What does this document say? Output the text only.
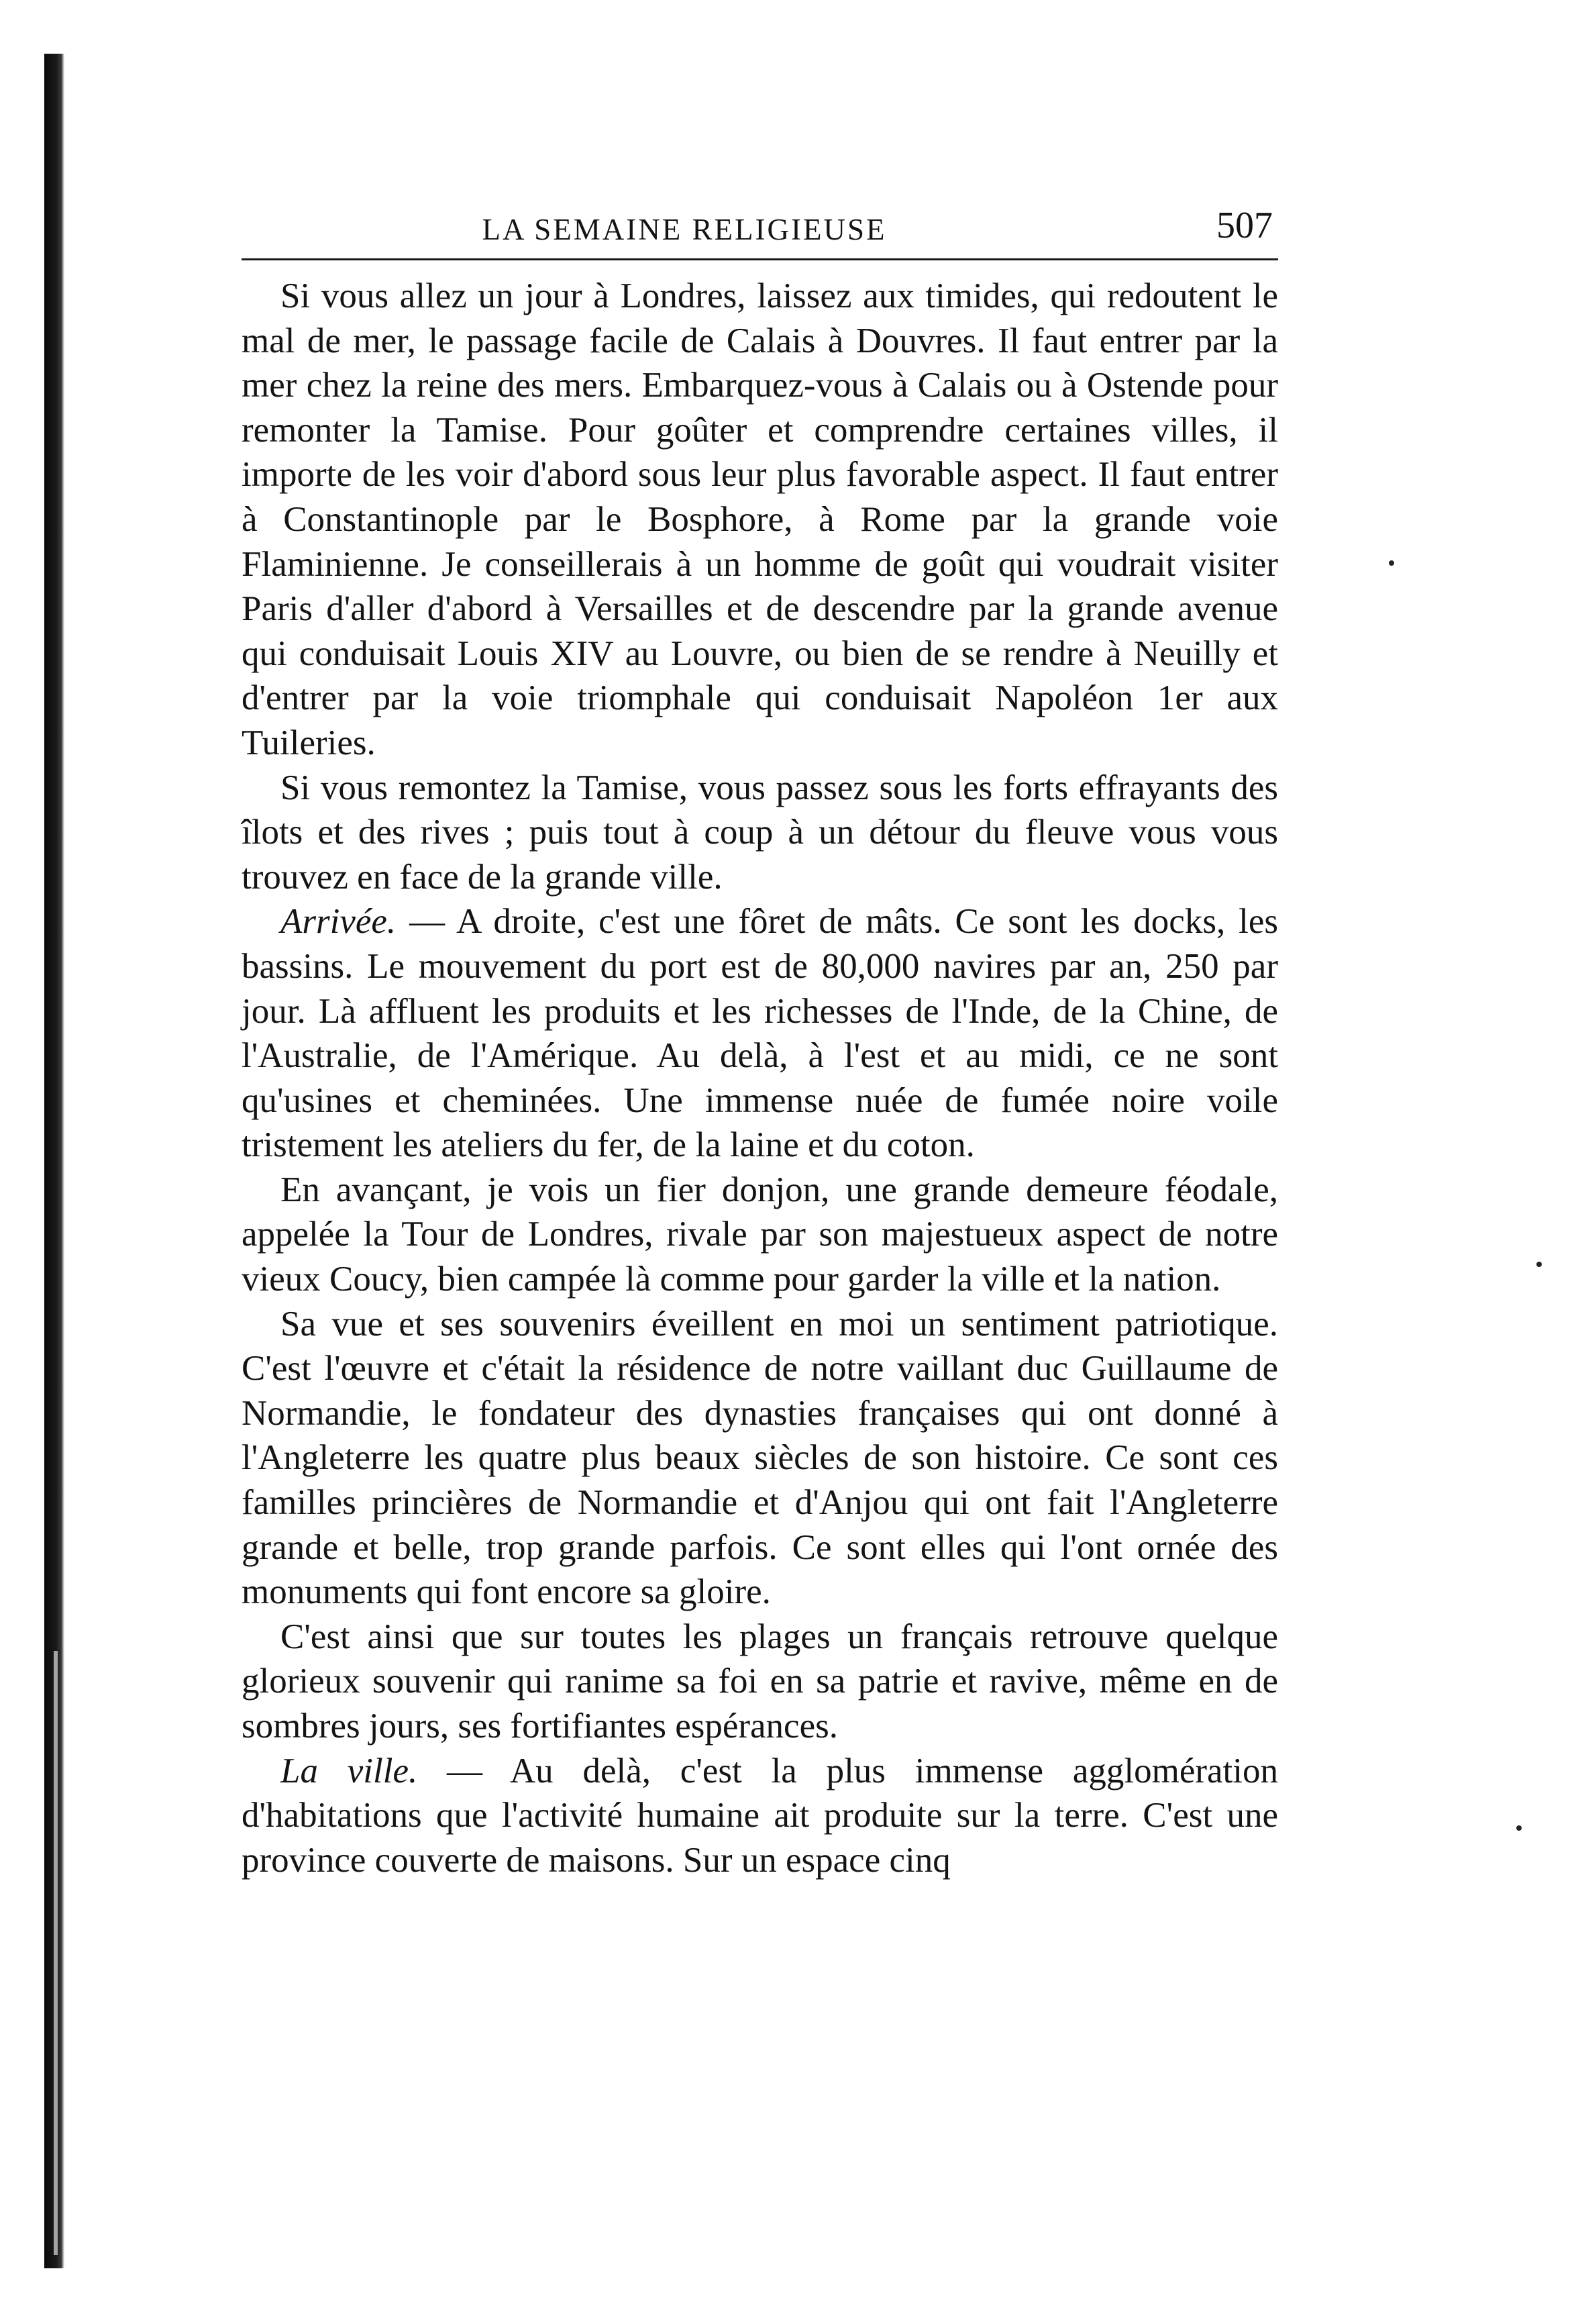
LA SEMAINE RELIGIEUSE	507

Si vous allez un jour à Londres, laissez aux timides, qui redoutent le mal de mer, le passage facile de Calais à Douvres. Il faut entrer par la mer chez la reine des mers. Embarquez-vous à Calais ou à Ostende pour remonter la Tamise. Pour goûter et comprendre certaines villes, il importe de les voir d'abord sous leur plus favorable aspect. Il faut entrer à Constantinople par le Bosphore, à Rome par la grande voie Flaminienne. Je conseillerais à un homme de goût qui voudrait visiter Paris d'aller d'abord à Versailles et de descendre par la grande avenue qui conduisait Louis XIV au Louvre, ou bien de se rendre à Neuilly et d'entrer par la voie triomphale qui conduisait Napoléon 1er aux Tuileries.

Si vous remontez la Tamise, vous passez sous les forts effrayants des îlots et des rives ; puis tout à coup à un détour du fleuve vous vous trouvez en face de la grande ville.

Arrivée. — A droite, c'est une fôret de mâts. Ce sont les docks, les bassins. Le mouvement du port est de 80,000 navires par an, 250 par jour. Là affluent les produits et les richesses de l'Inde, de la Chine, de l'Australie, de l'Amérique. Au delà, à l'est et au midi, ce ne sont qu'usines et cheminées. Une immense nuée de fumée noire voile tristement les ateliers du fer, de la laine et du coton.

En avançant, je vois un fier donjon, une grande demeure féodale, appelée la Tour de Londres, rivale par son majestueux aspect de notre vieux Coucy, bien campée là comme pour garder la ville et la nation.

Sa vue et ses souvenirs éveillent en moi un sentiment patriotique. C'est l'œuvre et c'était la résidence de notre vaillant duc Guillaume de Normandie, le fondateur des dynasties françaises qui ont donné à l'Angleterre les quatre plus beaux siècles de son histoire. Ce sont ces familles princières de Normandie et d'Anjou qui ont fait l'Angleterre grande et belle, trop grande parfois. Ce sont elles qui l'ont ornée des monuments qui font encore sa gloire.

C'est ainsi que sur toutes les plages un français retrouve quelque glorieux souvenir qui ranime sa foi en sa patrie et ravive, même en de sombres jours, ses fortifiantes espérances.

La ville. — Au delà, c'est la plus immense agglomération d'habitations que l'activité humaine ait produite sur la terre. C'est une province couverte de maisons. Sur un espace cinq
